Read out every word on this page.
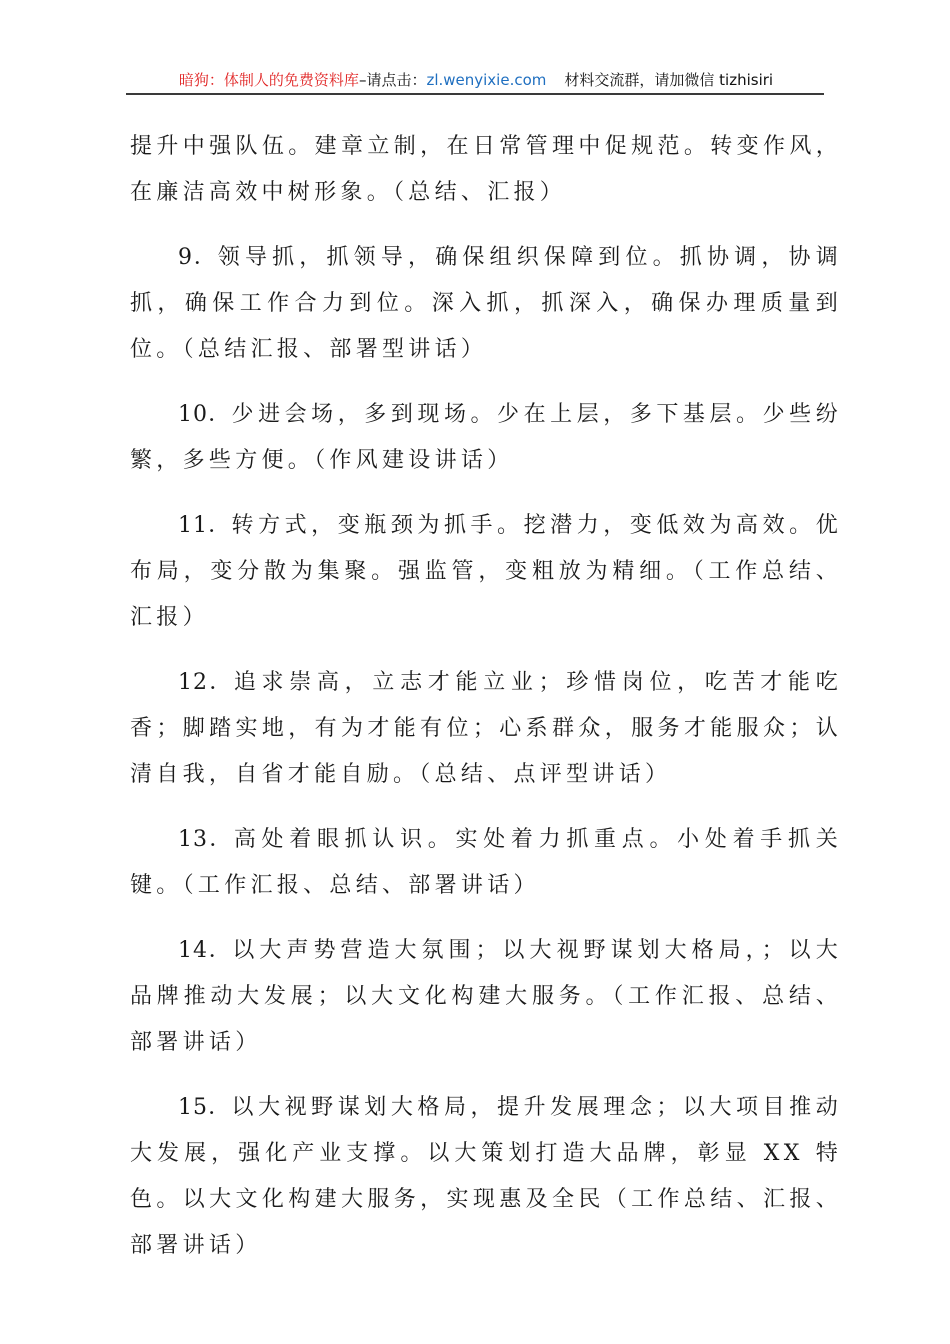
暗狗：体制人的免费资料库–请点击：zl.wenyixie.com 材料交流群，请加微信 tizhisiri

提升中强队伍。建章立制，在日常管理中促规范。转变作风，在廉洁高效中树形象。（总结、汇报）

9．领导抓，抓领导，确保组织保障到位。抓协调，协调抓，确保工作合力到位。深入抓，抓深入，确保办理质量到位。（总结汇报、部署型讲话）

10．少进会场，多到现场。少在上层，多下基层。少些纷繁，多些方便。（作风建设讲话）

11．转方式，变瓶颈为抓手。挖潜力，变低效为高效。优布局，变分散为集聚。强监管，变粗放为精细。（工作总结、汇报）

12．追求崇高，立志才能立业；珍惜岗位，吃苦才能吃香；脚踏实地，有为才能有位；心系群众，服务才能服众；认清自我，自省才能自励。（总结、点评型讲话）

13．高处着眼抓认识。实处着力抓重点。小处着手抓关键。（工作汇报、总结、部署讲话）

14．以大声势营造大氛围；以大视野谋划大格局，；以大品牌推动大发展；以大文化构建大服务。（工作汇报、总结、部署讲话）

15．以大视野谋划大格局，提升发展理念；以大项目推动大发展，强化产业支撑。以大策划打造大品牌，彰显 XX 特色。以大文化构建大服务，实现惠及全民（工作总结、汇报、部署讲话）
